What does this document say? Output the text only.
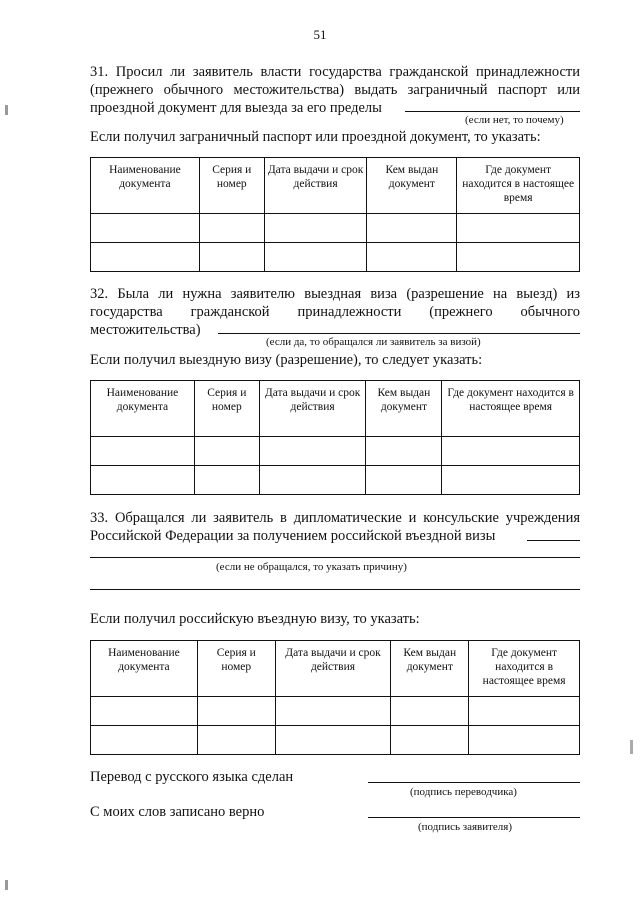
51
31. Просил ли заявитель власти государства гражданской принадлежности
(прежнего обычного местожительства) выдать заграничный паспорт или
проездной документ для выезда за его пределы
(если нет, то почему)
Если получил заграничный паспорт или проездной документ, то указать:
Наименование документа	Серия и номер	Дата выдачи и срок действия	Кем выдан документ	Где документ находится в настоящее время

32. Была ли нужна заявителю выездная виза (разрешение на выезд) из
государства гражданской принадлежности (прежнего обычного
местожительства)
(если да, то обращался ли заявитель за визой)
Если получил выездную визу (разрешение), то следует указать:
Наименование документа	Серия и номер	Дата выдачи и срок действия	Кем выдан документ	Где документ находится в настоящее время

33. Обращался ли заявитель в дипломатические и консульские учреждения
Российской Федерации за получением российской въездной визы
(если не обращался, то указать причину)
Если получил российскую въездную визу, то указать:
Наименование документа	Серия и номер	Дата выдачи и срок действия	Кем выдан документ	Где документ находится в настоящее время

Перевод с русского языка сделан
(подпись переводчика)
С моих слов записано верно
(подпись заявителя)
